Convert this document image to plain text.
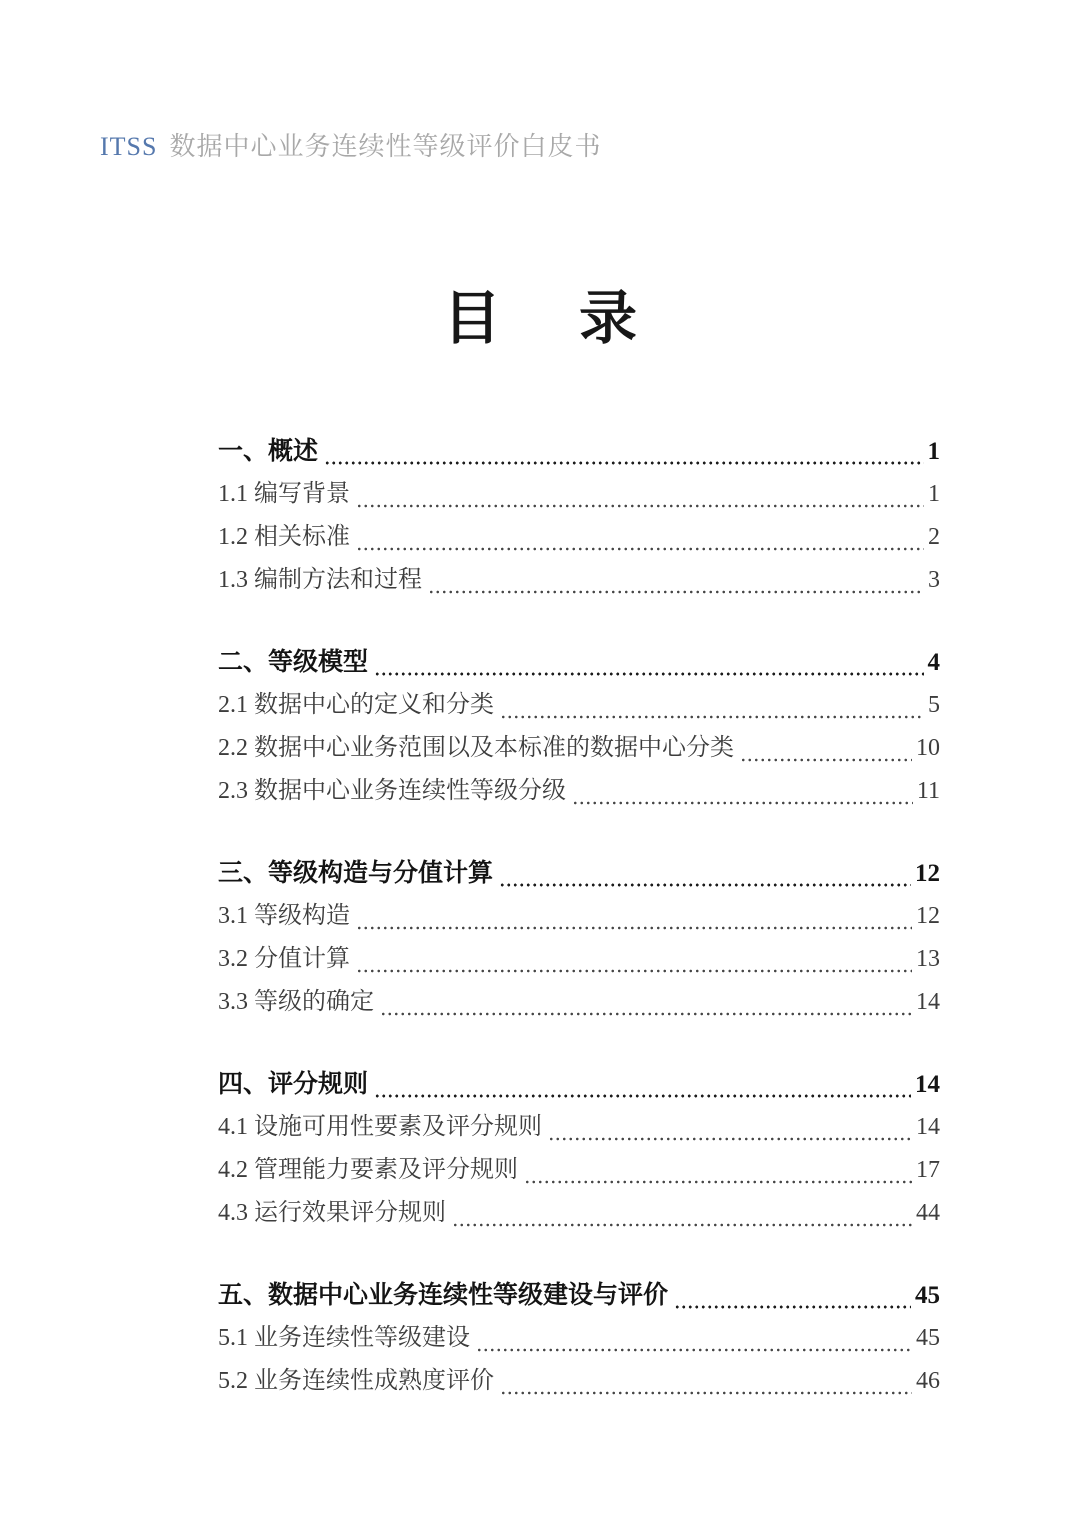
ITSS 数据中心业务连续性等级评价白皮书
目 录
一、概述	1
1.1 编写背景	1
1.2 相关标准	2
1.3 编制方法和过程	3
二、等级模型	4
2.1 数据中心的定义和分类	5
2.2 数据中心业务范围以及本标准的数据中心分类	10
2.3 数据中心业务连续性等级分级	11
三、等级构造与分值计算	12
3.1 等级构造	12
3.2 分值计算	13
3.3 等级的确定	14
四、评分规则	14
4.1 设施可用性要素及评分规则	14
4.2 管理能力要素及评分规则	17
4.3 运行效果评分规则	44
五、数据中心业务连续性等级建设与评价	45
5.1 业务连续性等级建设	45
5.2 业务连续性成熟度评价	46
